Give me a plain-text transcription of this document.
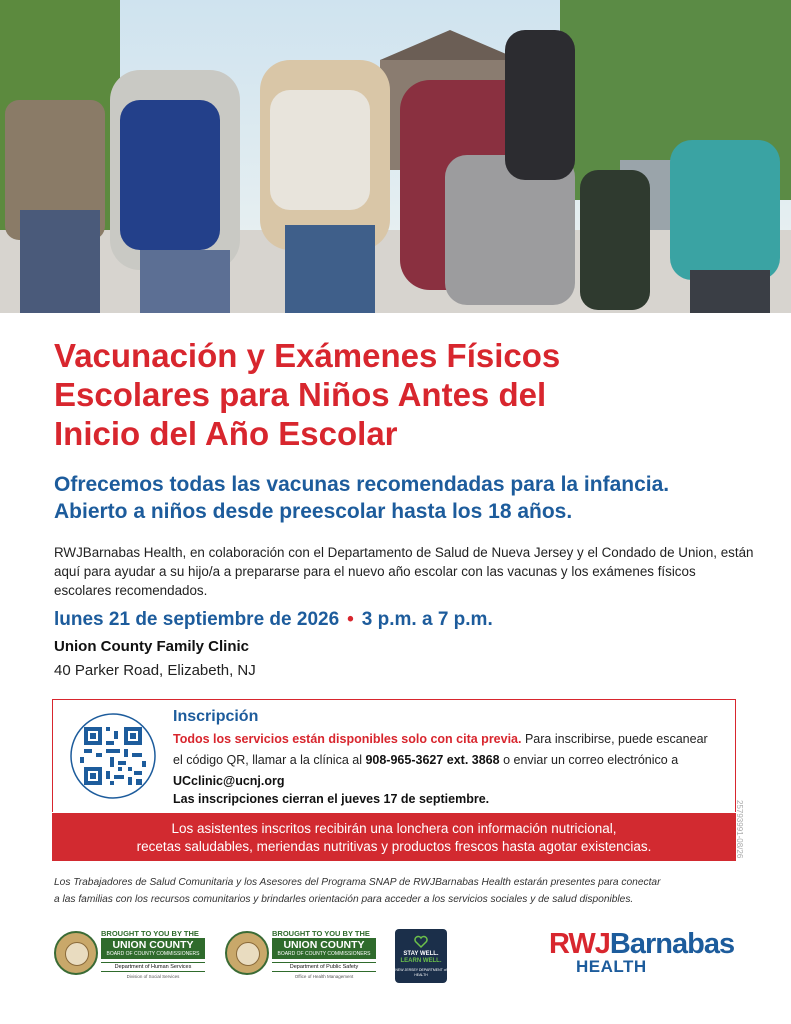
Vacunación y Exámenes Físicos
Escolares para Niños Antes del
Inicio del Año Escolar
Ofrecemos todas las vacunas recomendadas para la infancia.
Abierto a niños desde preescolar hasta los 18 años.
RWJBarnabas Health, en colaboración con el Departamento de Salud de Nueva Jersey y el Condado de Union, están aquí para ayudar a su hijo/a a prepararse para el nuevo año escolar con las vacunas y los exámenes físicos escolares recomendados.
lunes 21 de septiembre de 2026 • 3 p.m. a 7 p.m.
Union County Family Clinic
40 Parker Road, Elizabeth, NJ
Inscripción
Todos los servicios están disponibles solo con cita previa. Para inscribirse, puede escanear el código QR, llamar a la clínica al 908-965-3627 ext. 3868 o enviar un correo electrónico a UCclinic@ucnj.org
Las inscripciones cierran el jueves 17 de septiembre.
Los asistentes inscritos recibirán una lonchera con información nutricional,
recetas saludables, meriendas nutritivas y productos frescos hasta agotar existencias.	25793991-08/26
Los Trabajadores de Salud Comunitaria y los Asesores del Programa SNAP de RWJBarnabas Health estarán presentes para conectar
a las familias con los recursos comunitarios y brindarles orientación para acceder a los servicios sociales y de salud disponibles.
BROUGHT TO YOU BY THE
UNION COUNTY
BOARD OF COUNTY COMMISSIONERS
Department of Human Services
Division of Social Services
BROUGHT TO YOU BY THE
UNION COUNTY
BOARD OF COUNTY COMMISSIONERS
Department of Public Safety
Office of Health Management
STAY WELL.
LEARN WELL.
NEW JERSEY DEPARTMENT of HEALTH
RWJBarnabas
HEALTH
